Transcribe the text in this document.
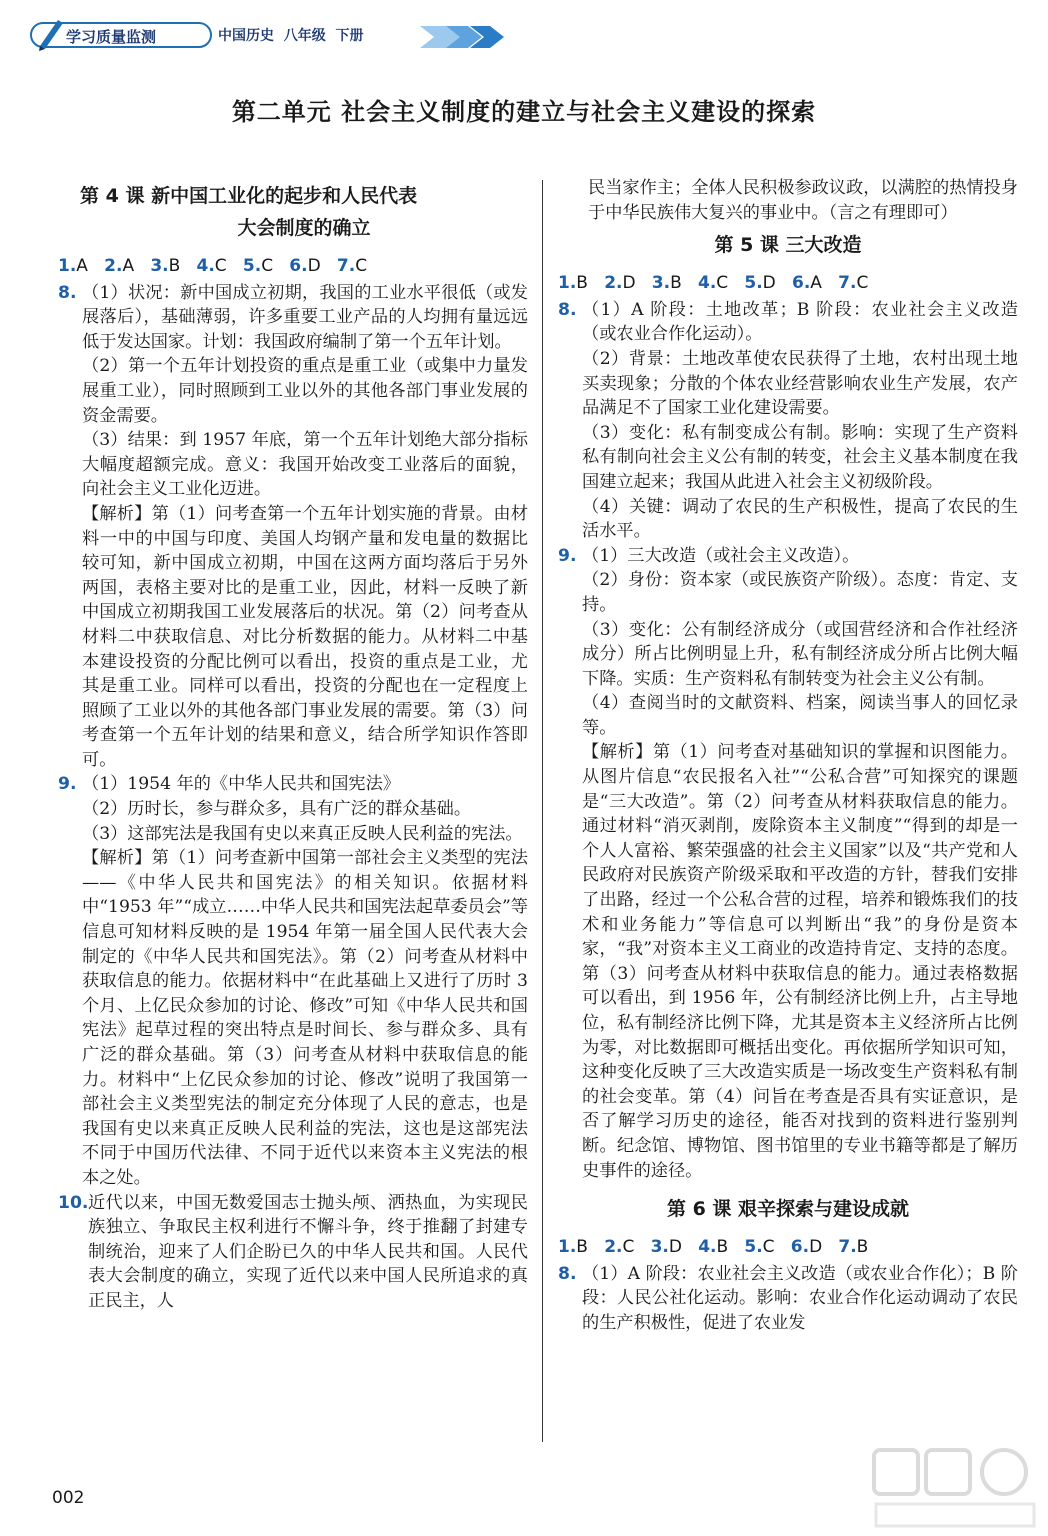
学习质量监测	中国历史 八年级 下册
第二单元 社会主义制度的建立与社会主义建设的探索
第 4 课 新中国工业化的起步和人民代表
大会制度的确立
1.A 2.A 3.B 4.C 5.C 6.D 7.C
8. （1）状况：新中国成立初期，我国的工业水平很低（或发展落后），基础薄弱，许多重要工业产品的人均拥有量远远低于发达国家。计划：我国政府编制了第一个五年计划。

（2）第一个五年计划投资的重点是重工业（或集中力量发展重工业），同时照顾到工业以外的其他各部门事业发展的资金需要。

（3）结果：到 1957 年底，第一个五年计划绝大部分指标大幅度超额完成。意义：我国开始改变工业落后的面貌，向社会主义工业化迈进。

【解析】第（1）问考查第一个五年计划实施的背景。由材料一中的中国与印度、美国人均钢产量和发电量的数据比较可知，新中国成立初期，中国在这两方面均落后于另外两国，表格主要对比的是重工业，因此，材料一反映了新中国成立初期我国工业发展落后的状况。第（2）问考查从材料二中获取信息、对比分析数据的能力。从材料二中基本建设投资的分配比例可以看出，投资的重点是工业，尤其是重工业。同样可以看出，投资的分配也在一定程度上照顾了工业以外的其他各部门事业发展的需要。第（3）问考查第一个五年计划的结果和意义，结合所学知识作答即可。

9. （1）1954 年的《中华人民共和国宪法》

（2）历时长，参与群众多，具有广泛的群众基础。

（3）这部宪法是我国有史以来真正反映人民利益的宪法。

【解析】第（1）问考查新中国第一部社会主义类型的宪法——《中华人民共和国宪法》的相关知识。依据材料中“1953 年”“成立……中华人民共和国宪法起草委员会”等信息可知材料反映的是 1954 年第一届全国人民代表大会制定的《中华人民共和国宪法》。第（2）问考查从材料中获取信息的能力。依据材料中“在此基础上又进行了历时 3 个月、上亿民众参加的讨论、修改”可知《中华人民共和国宪法》起草过程的突出特点是时间长、参与群众多、具有广泛的群众基础。第（3）问考查从材料中获取信息的能力。材料中“上亿民众参加的讨论、修改”说明了我国第一部社会主义类型宪法的制定充分体现了人民的意志，也是我国有史以来真正反映人民利益的宪法，这也是这部宪法不同于中国历代法律、不同于近代以来资本主义宪法的根本之处。

10. 近代以来，中国无数爱国志士抛头颅、洒热血，为实现民族独立、争取民主权利进行不懈斗争，终于推翻了封建专制统治，迎来了人们企盼已久的中华人民共和国。人民代表大会制度的确立，实现了近代以来中国人民所追求的真正民主，人

民当家作主；全体人民积极参政议政，以满腔的热情投身于中华民族伟大复兴的事业中。（言之有理即可）

第 5 课 三大改造
1.B 2.D 3.B 4.C 5.D 6.A 7.C
8. （1）A 阶段：土地改革；B 阶段：农业社会主义改造（或农业合作化运动）。

（2）背景：土地改革使农民获得了土地，农村出现土地买卖现象；分散的个体农业经营影响农业生产发展，农产品满足不了国家工业化建设需要。

（3）变化：私有制变成公有制。影响：实现了生产资料私有制向社会主义公有制的转变，社会主义基本制度在我国建立起来；我国从此进入社会主义初级阶段。

（4）关键：调动了农民的生产积极性，提高了农民的生活水平。

9. （1）三大改造（或社会主义改造）。

（2）身份：资本家（或民族资产阶级）。态度：肯定、支持。

（3）变化：公有制经济成分（或国营经济和合作社经济成分）所占比例明显上升，私有制经济成分所占比例大幅下降。实质：生产资料私有制转变为社会主义公有制。

（4）查阅当时的文献资料、档案，阅读当事人的回忆录等。

【解析】第（1）问考查对基础知识的掌握和识图能力。从图片信息“农民报名入社”“公私合营”可知探究的课题是“三大改造”。第（2）问考查从材料获取信息的能力。通过材料“消灭剥削，废除资本主义制度”“得到的却是一个人人富裕、繁荣强盛的社会主义国家”以及“共产党和人民政府对民族资产阶级采取和平改造的方针，替我们安排了出路，经过一个公私合营的过程，培养和锻炼我们的技术和业务能力”等信息可以判断出“我”的身份是资本家，“我”对资本主义工商业的改造持肯定、支持的态度。第（3）问考查从材料中获取信息的能力。通过表格数据可以看出，到 1956 年，公有制经济比例上升，占主导地位，私有制经济比例下降，尤其是资本主义经济所占比例为零，对比数据即可概括出变化。再依据所学知识可知，这种变化反映了三大改造实质是一场改变生产资料私有制的社会变革。第（4）问旨在考查是否具有实证意识，是否了解学习历史的途径，能否对找到的资料进行鉴别判断。纪念馆、博物馆、图书馆里的专业书籍等都是了解历史事件的途径。

第 6 课 艰辛探索与建设成就
1.B 2.C 3.D 4.B 5.C 6.D 7.B
8. （1）A 阶段：农业社会主义改造（或农业合作化）；B 阶段：人民公社化运动。影响：农业合作化运动调动了农民的生产积极性，促进了农业发

002
